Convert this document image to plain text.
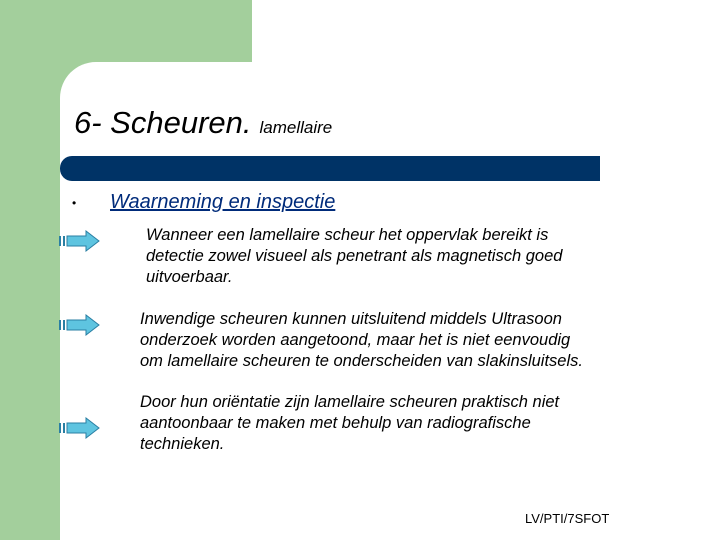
6- Scheuren. lamellaire
• Waarneming en inspectie

Wanneer een lamellaire scheur het oppervlak bereikt is
detectie zowel visueel als penetrant als magnetisch goed
uitvoerbaar.

Inwendige scheuren kunnen uitsluitend middels Ultrasoon
onderzoek worden aangetoond, maar het is niet eenvoudig
om lamellaire scheuren te onderscheiden van slakinsluitsels.

Door hun oriëntatie zijn lamellaire scheuren praktisch niet
aantoonbaar te maken met behulp van radiografische
technieken.

LV/PTI/7SFOT
